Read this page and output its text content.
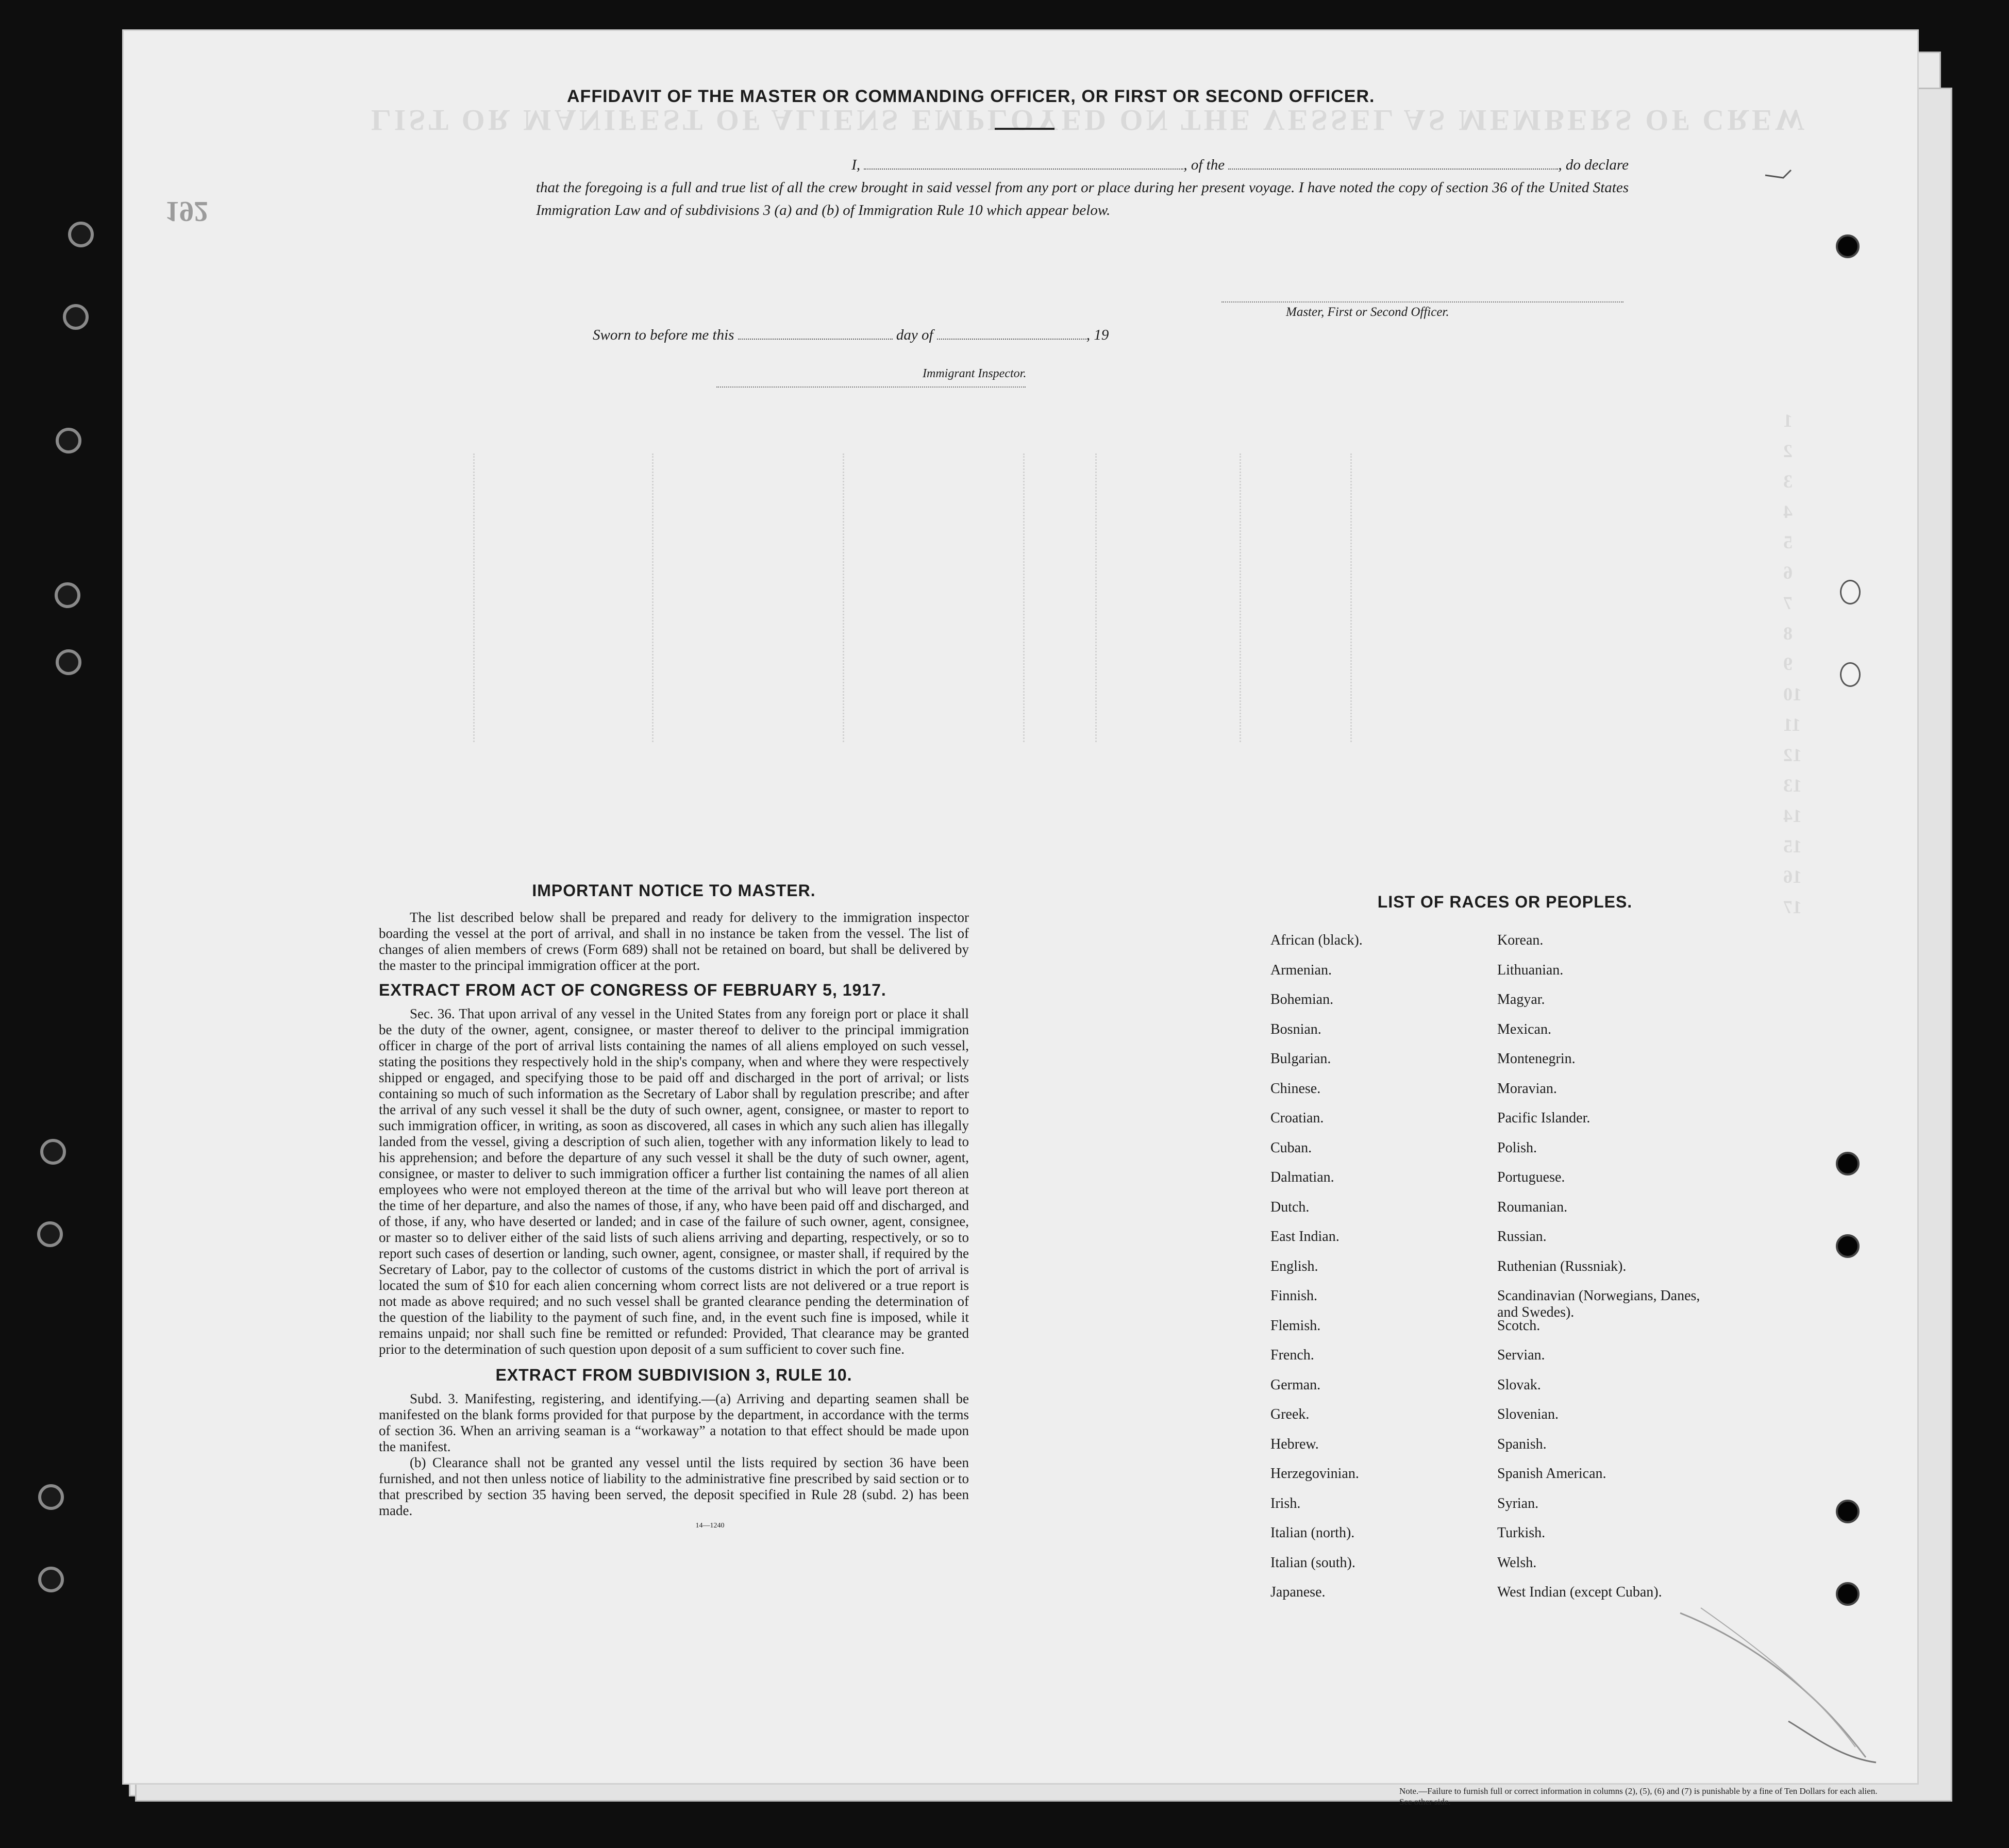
LIST OR MANIFEST OF ALIENS EMPLOYED ON THE VESSEL AS MEMBERS OF CREW
192
1
2
3
4
5
6
7
8
9
10
11
12
13
14
15
16
17
AFFIDAVIT OF THE MASTER OR COMMANDING OFFICER, OR FIRST OR SECOND OFFICER.
I,	, of the	, do declare
that the foregoing is a full and true list of all the crew brought in said vessel from any port or place during her present voyage. I have noted the copy of section 36 of the United States Immigration Law and of subdivisions 3 (a) and (b) of Immigration Rule 10 which appear below.
Master, First or Second Officer.
Sworn to before me this	day of	, 19
Immigrant Inspector.
IMPORTANT NOTICE TO MASTER.

The list described below shall be prepared and ready for delivery to the immigration inspector boarding the vessel at the port of arrival, and shall in no instance be taken from the vessel. The list of changes of alien members of crews (Form 689) shall not be retained on board, but shall be delivered by the master to the principal immigration officer at the port.

EXTRACT FROM ACT OF CONGRESS OF FEBRUARY 5, 1917.

Sec. 36. That upon arrival of any vessel in the United States from any foreign port or place it shall be the duty of the owner, agent, consignee, or master thereof to deliver to the principal immigration officer in charge of the port of arrival lists containing the names of all aliens employed on such vessel, stating the positions they respectively hold in the ship's company, when and where they were respectively shipped or engaged, and specifying those to be paid off and discharged in the port of arrival; or lists containing so much of such information as the Secretary of Labor shall by regulation prescribe; and after the arrival of any such vessel it shall be the duty of such owner, agent, consignee, or master to report to such immigration officer, in writing, as soon as discovered, all cases in which any such alien has illegally landed from the vessel, giving a description of such alien, together with any information likely to lead to his apprehension; and before the departure of any such vessel it shall be the duty of such owner, agent, consignee, or master to deliver to such immigration officer a further list containing the names of all alien employees who were not employed thereon at the time of the arrival but who will leave port thereon at the time of her departure, and also the names of those, if any, who have been paid off and discharged, and of those, if any, who have deserted or landed; and in case of the failure of such owner, agent, consignee, or master so to deliver either of the said lists of such aliens arriving and departing, respectively, or so to report such cases of desertion or landing, such owner, agent, consignee, or master shall, if required by the Secretary of Labor, pay to the collector of customs of the customs district in which the port of arrival is located the sum of $10 for each alien concerning whom correct lists are not delivered or a true report is not made as above required; and no such vessel shall be granted clearance pending the determination of the question of the liability to the payment of such fine, and, in the event such fine is imposed, while it remains unpaid; nor shall such fine be remitted or refunded: Provided, That clearance may be granted prior to the determination of such question upon deposit of a sum sufficient to cover such fine.

EXTRACT FROM SUBDIVISION 3, RULE 10.

Subd. 3. Manifesting, registering, and identifying.—(a) Arriving and departing seamen shall be manifested on the blank forms provided for that purpose by the department, in accordance with the terms of section 36. When an arriving seaman is a “workaway” a notation to that effect should be made upon the manifest.

(b) Clearance shall not be granted any vessel until the lists required by section 36 have been furnished, and not then unless notice of liability to the administrative fine prescribed by said section or to that prescribed by section 35 having been served, the deposit specified in Rule 28 (subd. 2) has been made.

14—1240
LIST OF RACES OR PEOPLES.
African (black).
Armenian.
Bohemian.
Bosnian.
Bulgarian.
Chinese.
Croatian.
Cuban.
Dalmatian.
Dutch.
East Indian.
English.
Finnish.
Flemish.
French.
German.
Greek.
Hebrew.
Herzegovinian.
Irish.
Italian (north).
Italian (south).
Japanese.
Korean.
Lithuanian.
Magyar.
Mexican.
Montenegrin.
Moravian.
Pacific Islander.
Polish.
Portuguese.
Roumanian.
Russian.
Ruthenian (Russniak).
Scandinavian (Norwegians, Danes, and Swedes).
Scotch.
Servian.
Slovak.
Slovenian.
Spanish.
Spanish American.
Syrian.
Turkish.
Welsh.
West Indian (except Cuban).
Note.—Failure to furnish full or correct information in columns (2), (5), (6) and (7) is punishable by a fine of Ten Dollars for each alien. See other side.
